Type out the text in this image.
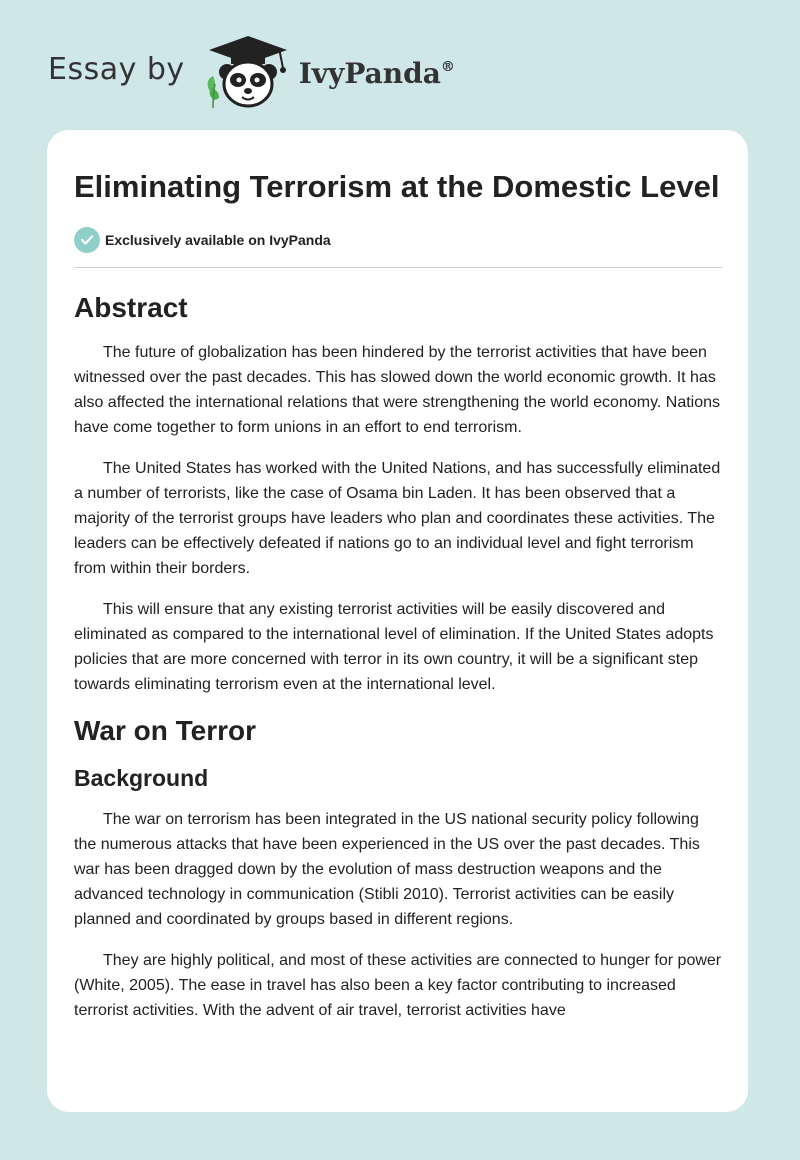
Essay by	IvyPanda®
Eliminating Terrorism at the Domestic Level
Exclusively available on IvyPanda
Abstract

The future of globalization has been hindered by the terrorist activities that have been witnessed over the past decades. This has slowed down the world economic growth. It has also affected the international relations that were strengthening the world economy. Nations have come together to form unions in an effort to end terrorism.

The United States has worked with the United Nations, and has successfully eliminated a number of terrorists, like the case of Osama bin Laden. It has been observed that a majority of the terrorist groups have leaders who plan and coordinates these activities. The leaders can be effectively defeated if nations go to an individual level and fight terrorism from within their borders.

This will ensure that any existing terrorist activities will be easily discovered and eliminated as compared to the international level of elimination. If the United States adopts policies that are more concerned with terror in its own country, it will be a significant step towards eliminating terrorism even at the international level.

War on Terror
Background

The war on terrorism has been integrated in the US national security policy following the numerous attacks that have been experienced in the US over the past decades. This war has been dragged down by the evolution of mass destruction weapons and the advanced technology in communication (Stibli 2010). Terrorist activities can be easily planned and coordinated by groups based in different regions.

They are highly political, and most of these activities are connected to hunger for power (White, 2005). The ease in travel has also been a key factor contributing to increased terrorist activities. With the advent of air travel, terrorist activities have
